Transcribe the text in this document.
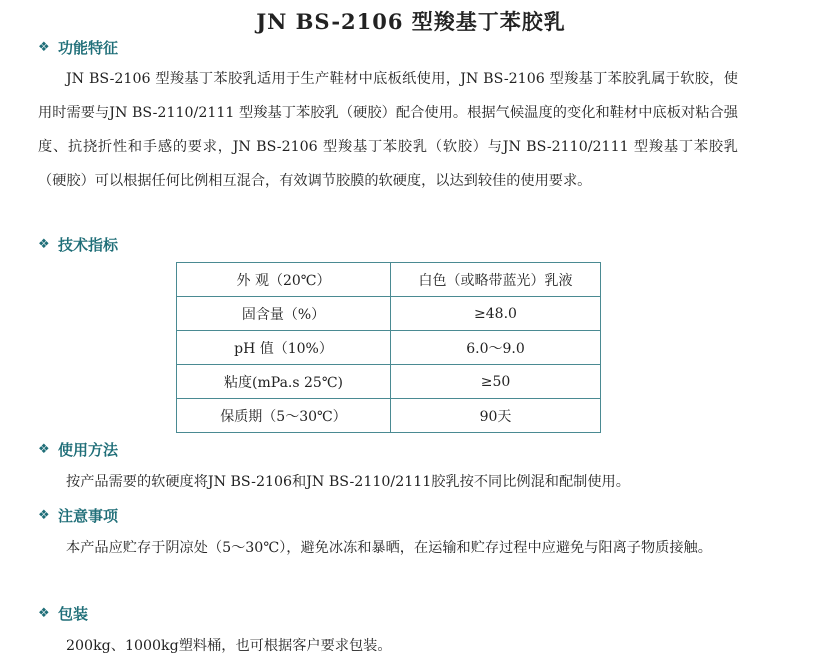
JN BS-2106 型羧基丁苯胶乳
❖ 功能特征

JN BS-2106 型羧基丁苯胶乳适用于生产鞋材中底板纸使用，JN BS-2106 型羧基丁苯胶乳属于软胶，使用时需要与JN BS-2110/2111 型羧基丁苯胶乳（硬胶）配合使用。根据气候温度的变化和鞋材中底板对粘合强度、抗挠折性和手感的要求，JN BS-2106 型羧基丁苯胶乳（软胶）与JN BS-2110/2111 型羧基丁苯胶乳（硬胶）可以根据任何比例相互混合，有效调节胶膜的软硬度，以达到较佳的使用要求。

❖ 技术指标
外 观（20℃）	白色（或略带蓝光）乳液
固含量（%）	≥48.0
pH 值（10%）	6.0～9.0
粘度(mPa.s 25℃)	≥50
保质期（5～30℃）	90天
❖ 使用方法

按产品需要的软硬度将JN BS-2106和JN BS-2110/2111胶乳按不同比例混和配制使用。

❖ 注意事项

本产品应贮存于阴凉处（5～30℃），避免冰冻和暴晒，在运输和贮存过程中应避免与阳离子物质接触。

❖ 包装

200kg、1000kg塑料桶，也可根据客户要求包装。
